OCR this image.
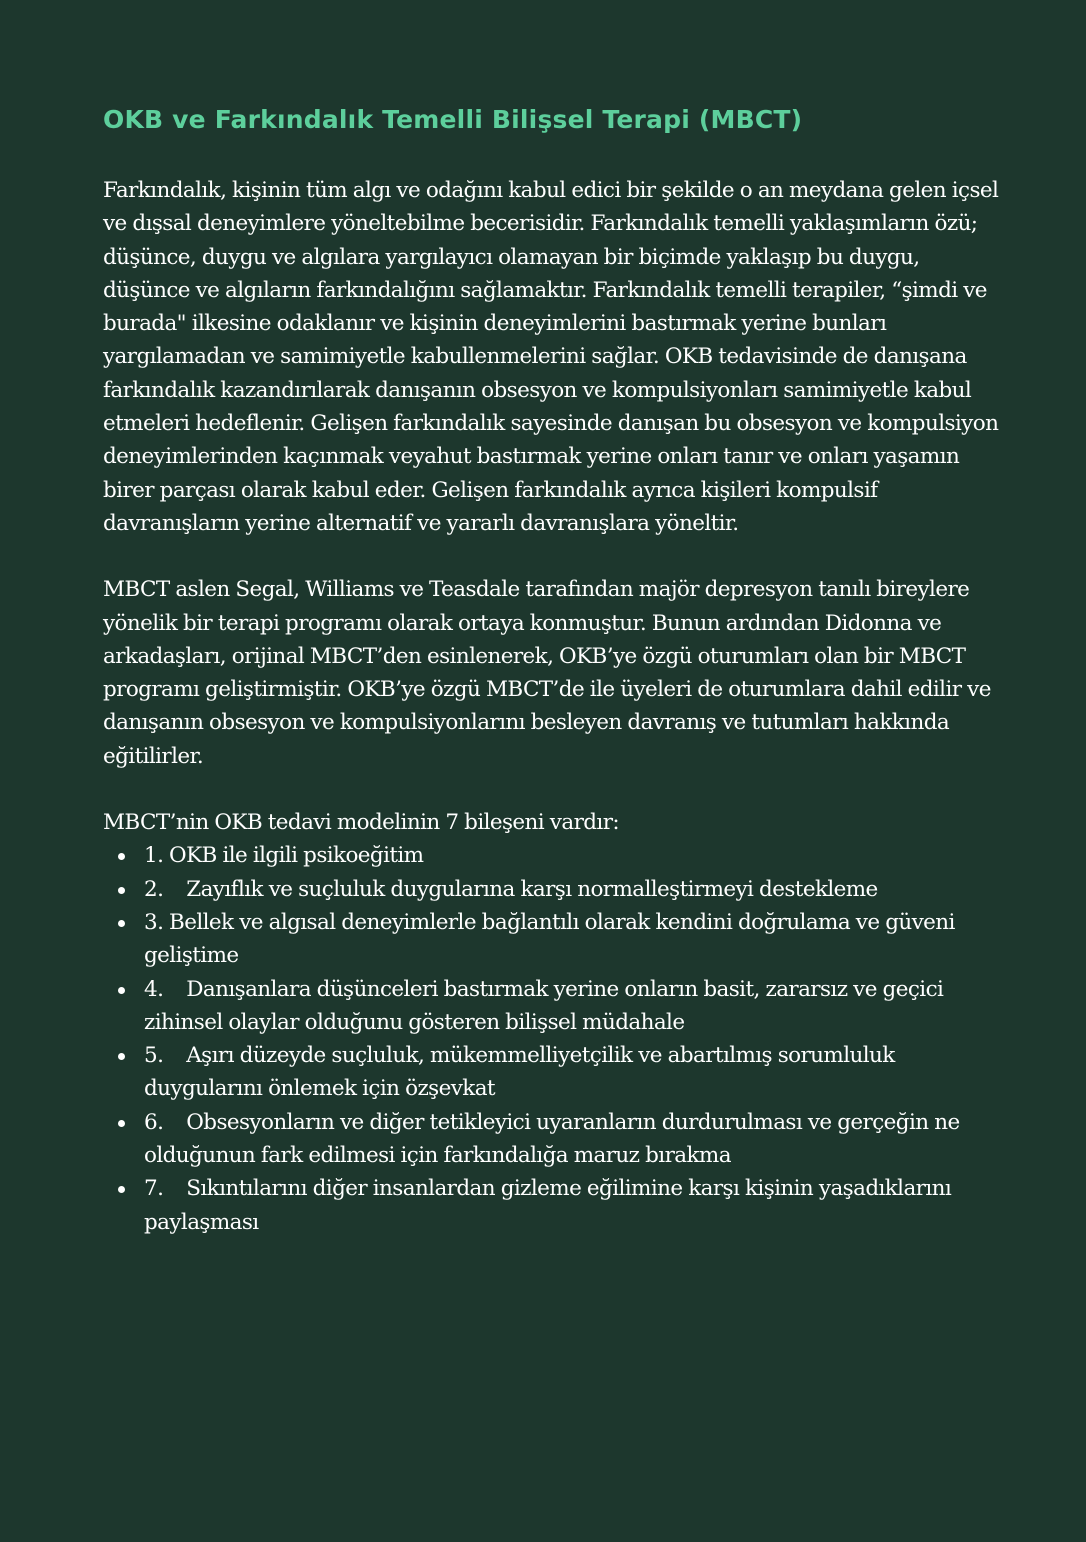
OKB ve Farkındalık Temelli Bilişsel Terapi (MBCT)

Farkındalık, kişinin tüm algı ve odağını kabul edici bir şekilde o an meydana gelen içsel ve dışsal deneyimlere yöneltebilme becerisidir. Farkındalık temelli yaklaşımların özü; düşünce, duygu ve algılara yargılayıcı olamayan bir biçimde yaklaşıp bu duygu, düşünce ve algıların farkındalığını sağlamaktır. Farkındalık temelli terapiler, “şimdi ve burada" ilkesine odaklanır ve kişinin deneyimlerini bastırmak yerine bunları yargılamadan ve samimiyetle kabullenmelerini sağlar. OKB tedavisinde de danışana farkındalık kazandırılarak danışanın obsesyon ve kompulsiyonları samimiyetle kabul etmeleri hedeflenir. Gelişen farkındalık sayesinde danışan bu obsesyon ve kompulsiyon deneyimlerinden kaçınmak veyahut bastırmak yerine onları tanır ve onları yaşamın birer parçası olarak kabul eder. Gelişen farkındalık ayrıca kişileri kompulsif davranışların yerine alternatif ve yararlı davranışlara yöneltir.

MBCT aslen Segal, Williams ve Teasdale tarafından majör depresyon tanılı bireylere yönelik bir terapi programı olarak ortaya konmuştur. Bunun ardından Didonna ve arkadaşları, orijinal MBCT’den esinlenerek, OKB’ye özgü oturumları olan bir MBCT programı geliştirmiştir. OKB’ye özgü MBCT’de ile üyeleri de oturumlara dahil edilir ve danışanın obsesyon ve kompulsiyonlarını besleyen davranış ve tutumları hakkında eğitilirler.

MBCT’nin OKB tedavi modelinin 7 bileşeni vardır:

1. OKB ile ilgili psikoeğitim
2.    Zayıflık ve suçluluk duygularına karşı normalleştirmeyi destekleme
3. Bellek ve algısal deneyimlerle bağlantılı olarak kendini doğrulama ve güveni geliştime
4.    Danışanlara düşünceleri bastırmak yerine onların basit, zararsız ve geçici zihinsel olaylar olduğunu gösteren bilişsel müdahale
5.    Aşırı düzeyde suçluluk, mükemmelliyetçilik ve abartılmış sorumluluk duygularını önlemek için özşevkat
6.    Obsesyonların ve diğer tetikleyici uyaranların durdurulması ve gerçeğin ne olduğunun fark edilmesi için farkındalığa maruz bırakma
7.    Sıkıntılarını diğer insanlardan gizleme eğilimine karşı kişinin yaşadıklarını paylaşması
